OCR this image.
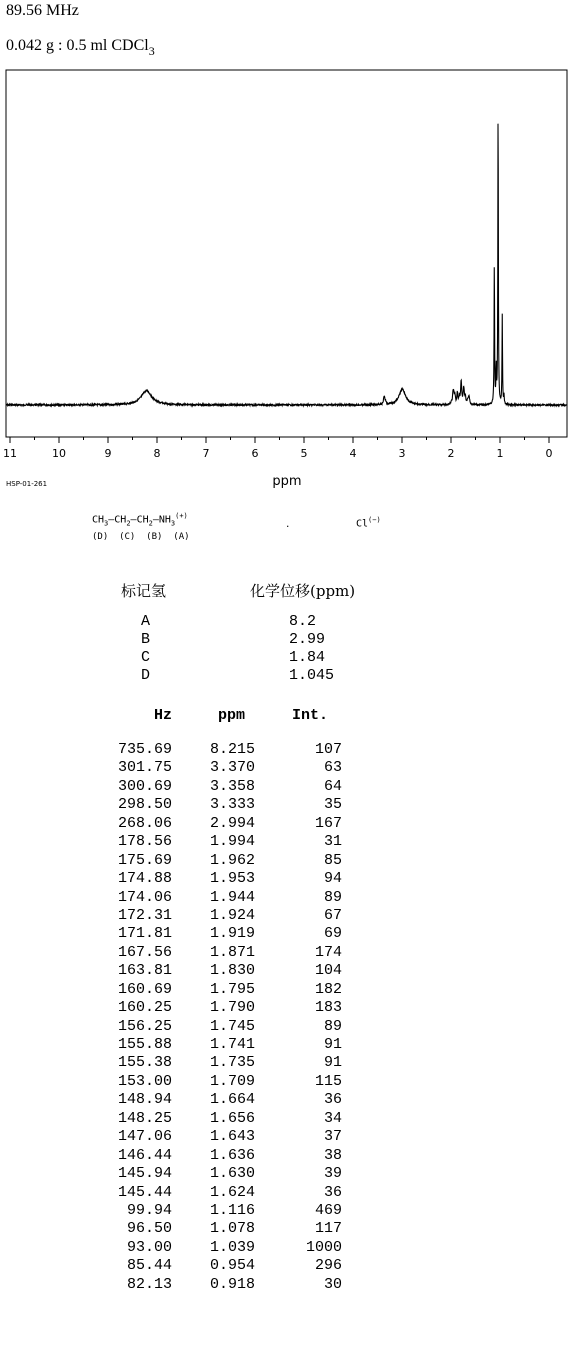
89.56 MHz
0.042 g : 0.5 ml CDCl$_3$
11	10	9	8	7	6	5	4	3	2	1	0
ppm
HSP-01-261
$CH_3—CH_2—CH_2—NH_3^{(+)}$
(D)  (C)  (B)  (A)
.	Cl(−)
标记氢	化学位移(ppm)
A	8.2
B	2.99
C	1.84
D	1.045
Hz	ppm	Int.
735.69	8.215	107
301.75	3.370	63
300.69	3.358	64
298.50	3.333	35
268.06	2.994	167
178.56	1.994	31
175.69	1.962	85
174.88	1.953	94
174.06	1.944	89
172.31	1.924	67
171.81	1.919	69
167.56	1.871	174
163.81	1.830	104
160.69	1.795	182
160.25	1.790	183
156.25	1.745	89
155.88	1.741	91
155.38	1.735	91
153.00	1.709	115
148.94	1.664	36
148.25	1.656	34
147.06	1.643	37
146.44	1.636	38
145.94	1.630	39
145.44	1.624	36
99.94	1.116	469
96.50	1.078	117
93.00	1.039	1000
85.44	0.954	296
82.13	0.918	30
